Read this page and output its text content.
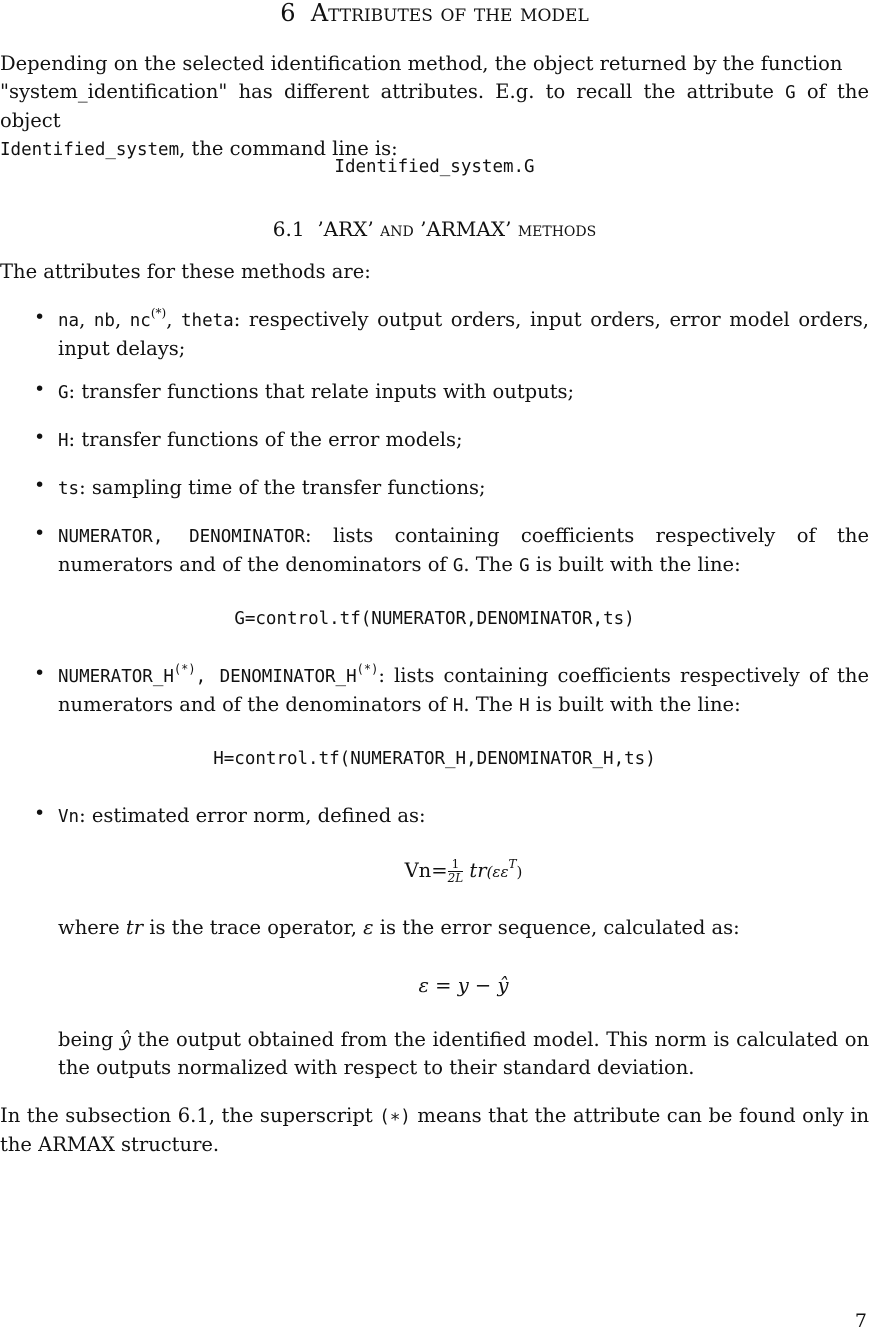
6 Attributes of the model
Depending on the selected identification method, the object returned by the function
"system_identification" has different attributes. E.g. to recall the attribute G of the object
Identified_system, the command line is:
Identified_system.G
6.1 ’ARX’ and ’ARMAX’ methods
The attributes for these methods are:
• na, nb, nc(*), theta: respectively output orders, input orders, error model orders, input delays;
• G: transfer functions that relate inputs with outputs;
• H: transfer functions of the error models;
• ts: sampling time of the transfer functions;
• NUMERATOR, DENOMINATOR: lists containing coefficients respectively of the numerators and of the denominators of G. The G is built with the line:
G=control.tf(NUMERATOR,DENOMINATOR,ts)
• NUMERATOR_H(*), DENOMINATOR_H(*): lists containing coefficients respectively of the numerators and of the denominators of H. The H is built with the line:
H=control.tf(NUMERATOR_H,DENOMINATOR_H,ts)
• Vn: estimated error norm, defined as:
$Vn= \frac{1}{2L} tr(\varepsilon\varepsilon^T)$
where tr is the trace operator, ε is the error sequence, calculated as:
ε = y − ŷ
being ŷ the output obtained from the identified model. This norm is calculated on the outputs normalized with respect to their standard deviation.
In the subsection 6.1, the superscript (∗) means that the attribute can be found only in the ARMAX structure.
7
